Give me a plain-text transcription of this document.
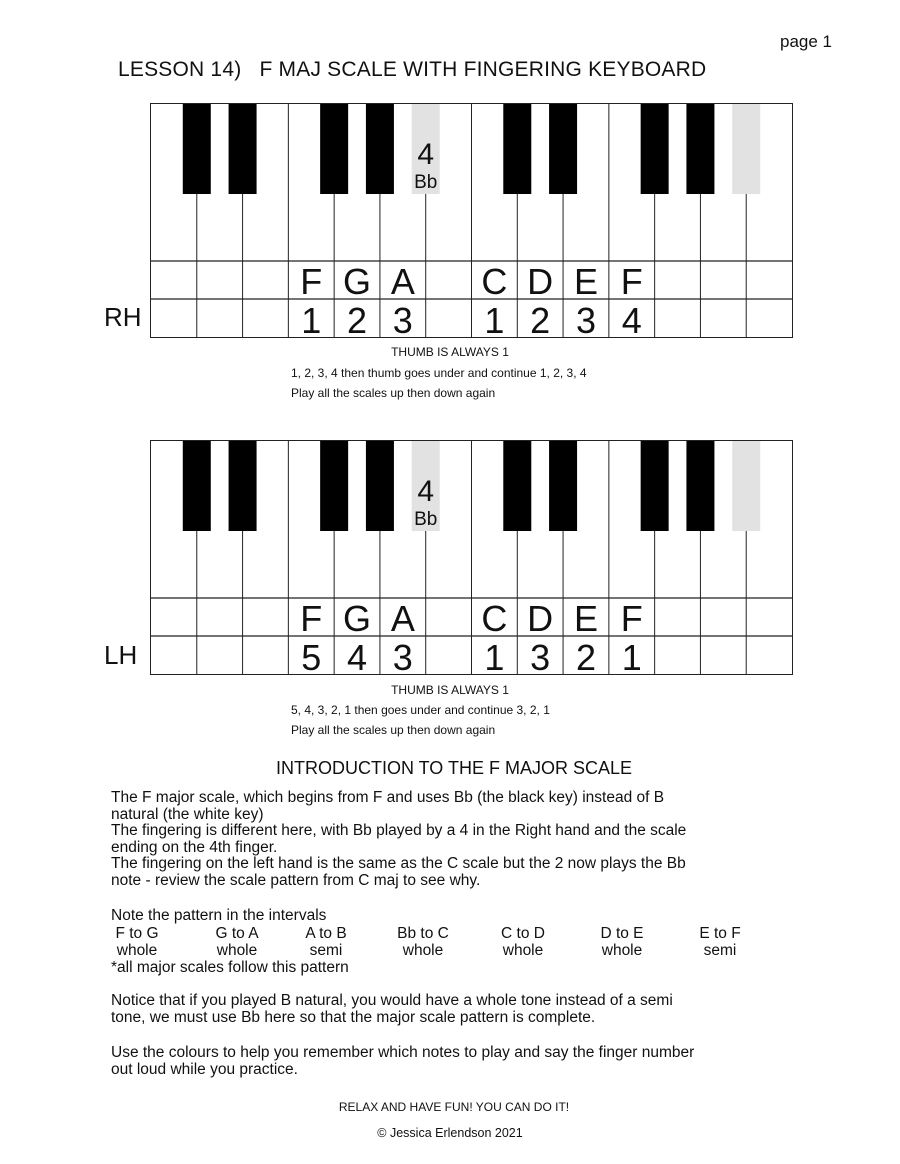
page 1
LESSON 14)   F MAJ SCALE WITH FINGERING KEYBOARD
4
Bb
F
1
G
2
A
3
C
1
D
2
E
3
F
4
RH
THUMB IS ALWAYS 1
1, 2, 3, 4 then thumb goes under and continue 1, 2, 3, 4
Play all the scales up then down again
4
Bb
F
5
G
4
A
3
C
1
D
3
E
2
F
1
LH
THUMB IS ALWAYS 1
5, 4, 3, 2, 1 then goes under and continue 3, 2, 1
Play all the scales up then down again
INTRODUCTION TO THE F MAJOR SCALE
The F major scale, which begins from F and uses Bb (the black key) instead of B
natural (the white key)
The fingering is different here, with Bb played by a 4 in the Right hand and the scale
ending on the 4th finger.
The fingering on the left hand is the same as the C scale but the 2 now plays the Bb
note - review the scale pattern from C maj to see why.
Note the pattern in the intervals
F to G
whole
G to A
whole
A to B
semi
Bb to C
whole
C to D
whole
D to E
whole
E to F
semi
*all major scales follow this pattern
Notice that if you played B natural, you would have a whole tone instead of a semi
tone, we must use Bb here so that the major scale pattern is complete.
Use the colours to help you remember which notes to play and say the finger number
out loud while you practice.
RELAX AND HAVE FUN! YOU CAN DO IT!
© Jessica Erlendson 2021
